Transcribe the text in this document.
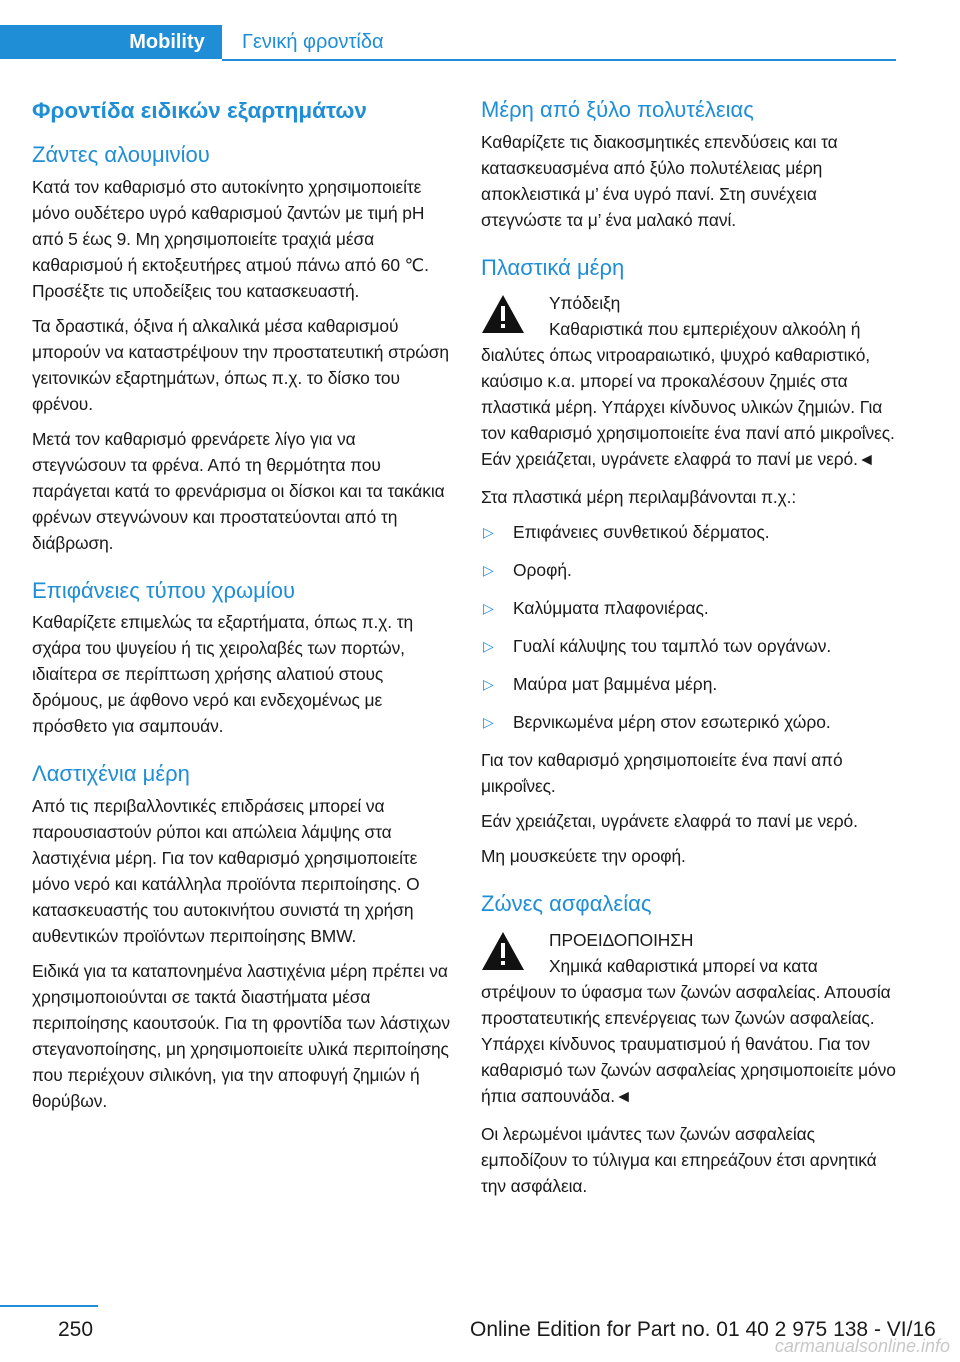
Mobility	Γενική φροντίδα
Φροντίδα ειδικών εξαρτημάτων
Ζάντες αλουμινίου

Κατά τον καθαρισμό στο αυτοκίνητο χρησιμοποιείτε μόνο ουδέτερο υγρό καθαρισμού ζαντών με τιμή pH από 5 έως 9. Μη χρησιμοποιείτε τραχιά μέσα καθαρισμού ή εκτοξευτήρες ατμού πάνω από 60 ℃. Προσέξτε τις υποδείξεις του κατασκευαστή.

Τα δραστικά, όξινα ή αλκαλικά μέσα καθαρισμού μπορούν να καταστρέψουν την προστατευτική στρώση γειτονικών εξαρτημάτων, όπως π.χ. το δίσκο του φρένου.

Μετά τον καθαρισμό φρενάρετε λίγο για να στεγνώσουν τα φρένα. Από τη θερμότητα που παράγεται κατά το φρενάρισμα οι δίσκοι και τα τακάκια φρένων στεγνώνουν και προστατεύονται από τη διάβρωση.

Επιφάνειες τύπου χρωμίου

Καθαρίζετε επιμελώς τα εξαρτήματα, όπως π.χ. τη σχάρα του ψυγείου ή τις χειρολαβές των πορτών, ιδιαίτερα σε περίπτωση χρήσης αλατιού στους δρόμους, με άφθονο νερό και ενδεχομένως με πρόσθετο για σαμπουάν.

Λαστιχένια μέρη

Από τις περιβαλλοντικές επιδράσεις μπορεί να παρουσιαστούν ρύποι και απώλεια λάμψης στα λαστιχένια μέρη. Για τον καθαρισμό χρησιμοποιείτε μόνο νερό και κατάλληλα προϊόντα περιποίησης. Ο κατασκευαστής του αυτοκινήτου συνιστά τη χρήση αυθεντικών προϊόντων περιποίησης BMW.

Ειδικά για τα καταπονημένα λαστιχένια μέρη πρέπει να χρησιμοποιούνται σε τακτά διαστήματα μέσα περιποίησης καουτσούκ. Για τη φροντίδα των λάστιχων στεγανοποίησης, μη χρησιμοποιείτε υλικά περιποίησης που περιέχουν σιλικόνη, για την αποφυγή ζημιών ή θορύβων.

Μέρη από ξύλο πολυτέλειας

Καθαρίζετε τις διακοσμητικές επενδύσεις και τα κατασκευασμένα από ξύλο πολυτέλειας μέρη αποκλειστικά μ’ ένα υγρό πανί. Στη συνέχεια στεγνώστε τα μ’ ένα μαλακό πανί.

Πλαστικά μέρη

Υπόδειξη

Καθαριστικά που εμπεριέχουν αλκοόλη ή

διαλύτες όπως νιτροαραιωτικό, ψυχρό καθαριστικό, καύσιμο κ.α. μπορεί να προκαλέσουν ζημιές στα πλαστικά μέρη. Υπάρχει κίνδυνος υλικών ζημιών. Για τον καθαρισμό χρησιμοποιείτε ένα πανί από μικροΐνες. Εάν χρειάζεται, υγράνετε ελαφρά το πανί με νερό.◄

Στα πλαστικά μέρη περιλαμβάνονται π.χ.:

▷ Επιφάνειες συνθετικού δέρματος.
▷ Οροφή.
▷ Καλύμματα πλαφονιέρας.
▷ Γυαλί κάλυψης του ταμπλό των οργάνων.
▷ Μαύρα ματ βαμμένα μέρη.
▷ Βερνικωμένα μέρη στον εσωτερικό χώρο.

Για τον καθαρισμό χρησιμοποιείτε ένα πανί από μικροΐνες.

Εάν χρειάζεται, υγράνετε ελαφρά το πανί με νερό.

Μη μουσκεύετε την οροφή.

Ζώνες ασφαλείας

ΠΡΟΕΙΔΟΠΟΙΗΣΗ

Χημικά καθαριστικά μπορεί να κατα

στρέψουν το ύφασμα των ζωνών ασφαλείας. Απουσία προστατευτικής επενέργειας των ζωνών ασφαλείας. Υπάρχει κίνδυνος τραυματισμού ή θανάτου. Για τον καθαρισμό των ζωνών ασφαλείας χρησιμοποιείτε μόνο ήπια σαπουνάδα.◄

Οι λερωμένοι ιμάντες των ζωνών ασφαλείας εμποδίζουν το τύλιγμα και επηρεάζουν έτσι αρνητικά την ασφάλεια.

250	Online Edition for Part no. 01 40 2 975 138 - VI/16
carmanualsonline.info
